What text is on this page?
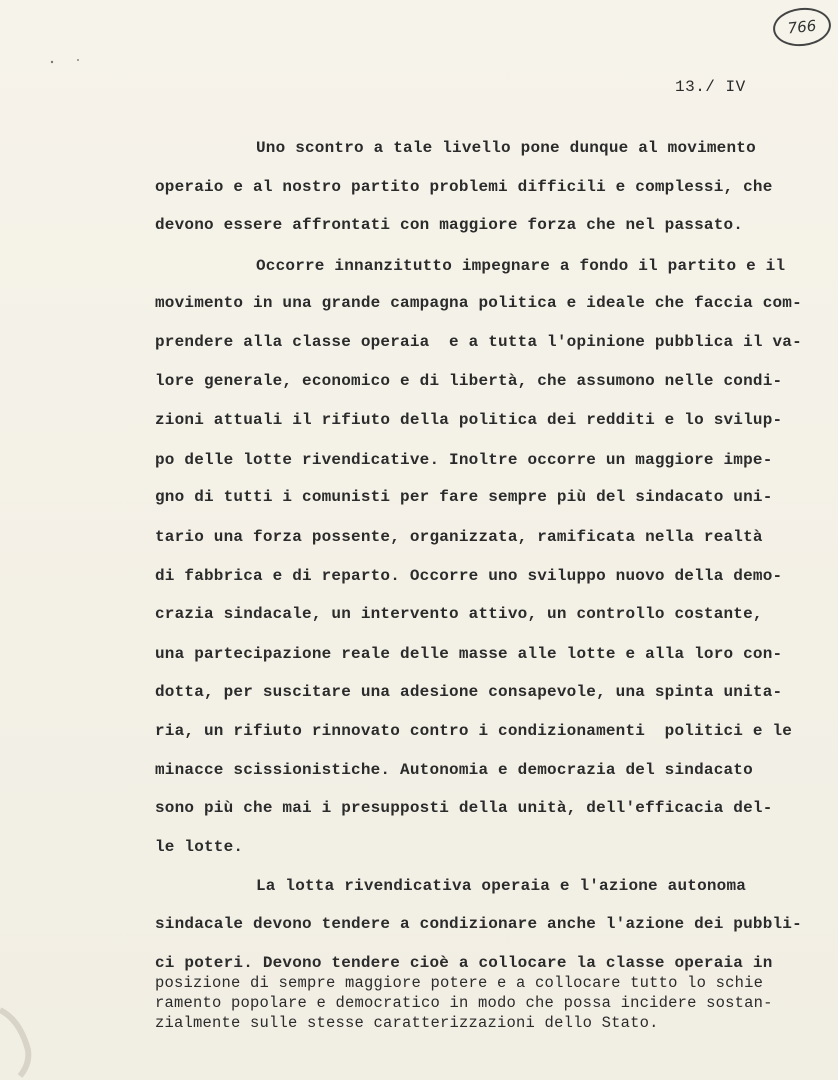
766
13./ IV
Uno scontro a tale livello pone dunque al movimento
operaio e al nostro partito problemi difficili e complessi, che
devono essere affrontati con maggiore forza che nel passato.
Occorre innanzitutto impegnare a fondo il partito e il
movimento in una grande campagna politica e ideale che faccia com-
prendere alla classe operaia  e a tutta l'opinione pubblica il va-
lore generale, economico e di libertà, che assumono nelle condi-
zioni attuali il rifiuto della politica dei redditi e lo svilup-
po delle lotte rivendicative. Inoltre occorre un maggiore impe-
gno di tutti i comunisti per fare sempre più del sindacato uni-
tario una forza possente, organizzata, ramificata nella realtà
di fabbrica e di reparto. Occorre uno sviluppo nuovo della demo-
crazia sindacale, un intervento attivo, un controllo costante,
una partecipazione reale delle masse alle lotte e alla loro con-
dotta, per suscitare una adesione consapevole, una spinta unita-
ria, un rifiuto rinnovato contro i condizionamenti  politici e le
minacce scissionistiche. Autonomia e democrazia del sindacato
sono più che mai i presupposti della unità, dell'efficacia del-
le lotte.
La lotta rivendicativa operaia e l'azione autonoma
sindacale devono tendere a condizionare anche l'azione dei pubbli-
ci poteri. Devono tendere cioè a collocare la classe operaia in
posizione di sempre maggiore potere e a collocare tutto lo schie
ramento popolare e democratico in modo che possa incidere sostan-
zialmente sulle stesse caratterizzazioni dello Stato.
